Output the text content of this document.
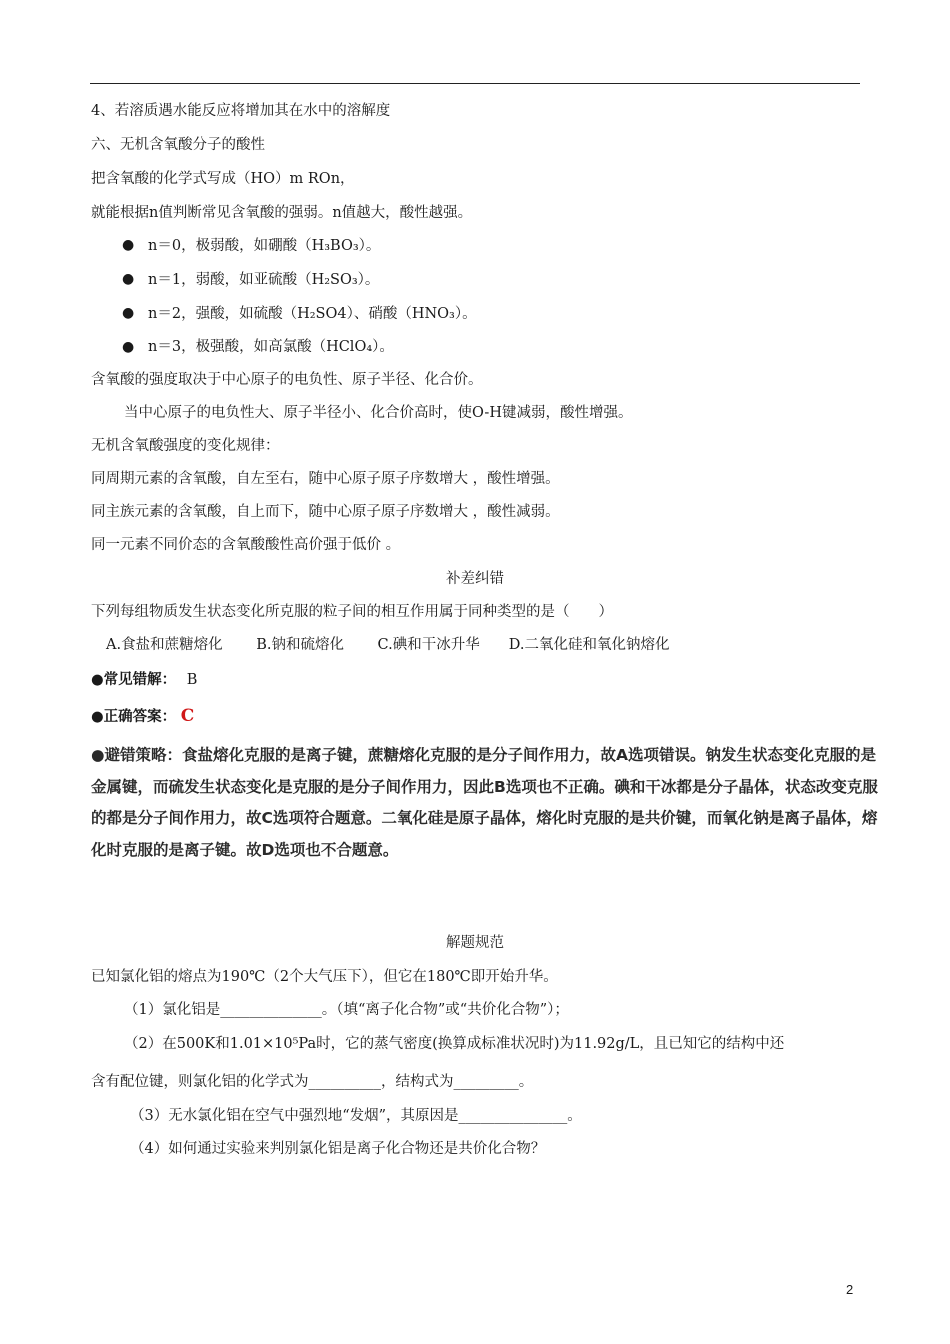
4、若溶质遇水能反应将增加其在水中的溶解度
六、无机含氧酸分子的酸性
把含氧酸的化学式写成（HO）m ROn，
就能根据n值判断常见含氧酸的强弱。n值越大，酸性越强。
● n＝0，极弱酸，如硼酸（H₃BO₃）。
● n＝1，弱酸，如亚硫酸（H₂SO₃）。
● n＝2，强酸，如硫酸（H₂SO4）、硝酸（HNO₃）。
● n＝3，极强酸，如高氯酸（HClO₄）。
含氧酸的强度取决于中心原子的电负性、原子半径、化合价。
当中心原子的电负性大、原子半径小、化合价高时，使O-H键减弱，酸性增强。
无机含氧酸强度的变化规律：
同周期元素的含氧酸，自左至右，随中心原子原子序数增大 ，酸性增强。
同主族元素的含氧酸，自上而下，随中心原子原子序数增大 ，酸性减弱。
同一元素不同价态的含氧酸酸性高价强于低价 。
补差纠错
下列每组物质发生状态变化所克服的粒子间的相互作用属于同种类型的是（　　）
A.食盐和蔗糖熔化　　 B.钠和硫熔化　　 C.碘和干冰升华　　D.二氧化硅和氧化钠熔化
●常见错解： B
●正确答案： C
●避错策略：食盐熔化克服的是离子键，蔗糖熔化克服的是分子间作用力，故A选项错误。钠发生状态变化克服的是金属键，而硫发生状态变化是克服的是分子间作用力，因此B选项也不正确。碘和干冰都是分子晶体，状态改变克服的都是分子间作用力，故C选项符合题意。二氧化硅是原子晶体，熔化时克服的是共价键，而氧化钠是离子晶体，熔化时克服的是离子键。故D选项也不合题意。
解题规范
已知氯化铝的熔点为190℃（2个大气压下），但它在180℃即开始升华。
（1）氯化铝是______________。（填“离子化合物”或“共价化合物”）；
（2）在500K和1.01×10⁵Pa时，它的蒸气密度(换算成标准状况时)为11.92g/L，且已知它的结构中还
含有配位键，则氯化铝的化学式为__________，结构式为_________。
（3）无水氯化铝在空气中强烈地“发烟”，其原因是_______________。
（4）如何通过实验来判别氯化铝是离子化合物还是共价化合物？
2
